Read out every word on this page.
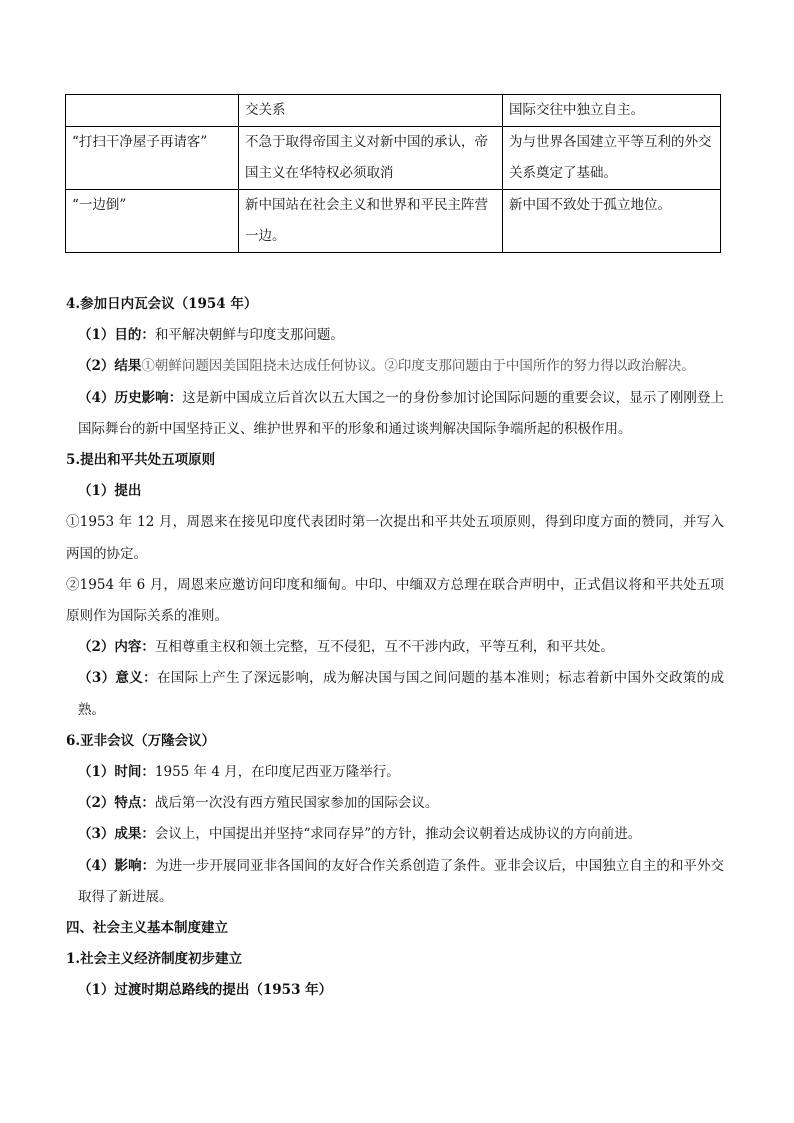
	交关系	国际交往中独立自主。
“打扫干净屋子再请客”	不急于取得帝国主义对新中国的承认，帝国主义在华特权必须取消	为与世界各国建立平等互利的外交关系奠定了基础。
“一边倒”	新中国站在社会主义和世界和平民主阵营一边。	新中国不致处于孤立地位。

4.参加日内瓦会议（1954 年）

（1）目的：和平解决朝鲜与印度支那问题。

（2）结果①朝鲜问题因美国阻挠未达成任何协议。②印度支那问题由于中国所作的努力得以政治解决。

（4）历史影响：这是新中国成立后首次以五大国之一的身份参加讨论国际问题的重要会议，显示了刚刚登上国际舞台的新中国坚持正义、维护世界和平的形象和通过谈判解决国际争端所起的积极作用。

5.提出和平共处五项原则

（1）提出

①1953 年 12 月，周恩来在接见印度代表团时第一次提出和平共处五项原则，得到印度方面的赞同，并写入两国的协定。

②1954 年 6 月，周恩来应邀访问印度和缅甸。中印、中缅双方总理在联合声明中，正式倡议将和平共处五项原则作为国际关系的准则。

（2）内容：互相尊重主权和领土完整，互不侵犯，互不干涉内政，平等互利，和平共处。

（3）意义：在国际上产生了深远影响，成为解决国与国之间问题的基本准则；标志着新中国外交政策的成熟。

6.亚非会议（万隆会议）

（1）时间：1955 年 4 月，在印度尼西亚万隆举行。

（2）特点：战后第一次没有西方殖民国家参加的国际会议。

（3）成果：会议上，中国提出并坚持“求同存异”的方针，推动会议朝着达成协议的方向前进。

（4）影响：为进一步开展同亚非各国间的友好合作关系创造了条件。亚非会议后，中国独立自主的和平外交取得了新进展。

四、社会主义基本制度建立

1.社会主义经济制度初步建立

（1）过渡时期总路线的提出（1953 年）
